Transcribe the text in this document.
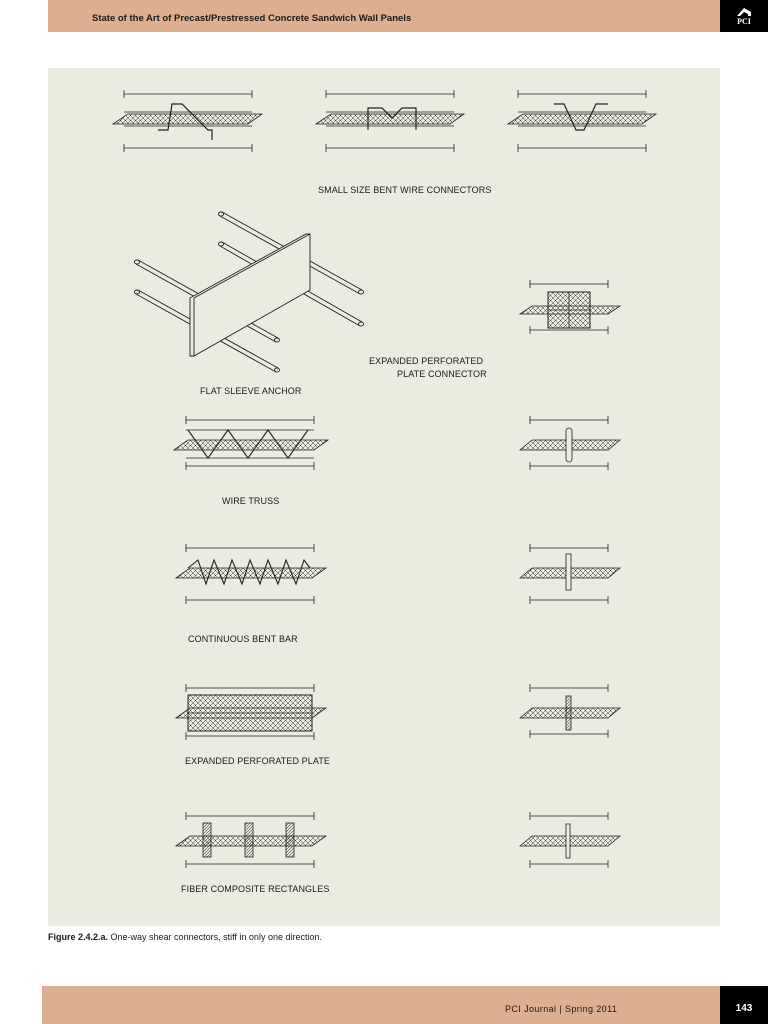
State of the Art of Precast/Prestressed Concrete Sandwich Wall Panels	PCI
SMALL SIZE BENT WIRE CONNECTORS
FLAT SLEEVE ANCHOR
EXPANDED PERFORATED
PLATE CONNECTOR
WIRE TRUSS
CONTINUOUS BENT BAR
EXPANDED PERFORATED PLATE
FIBER COMPOSITE RECTANGLES
Figure 2.4.2.a. One-way shear connectors, stiff in only one direction.
PCI Journal | Spring 2011	143
